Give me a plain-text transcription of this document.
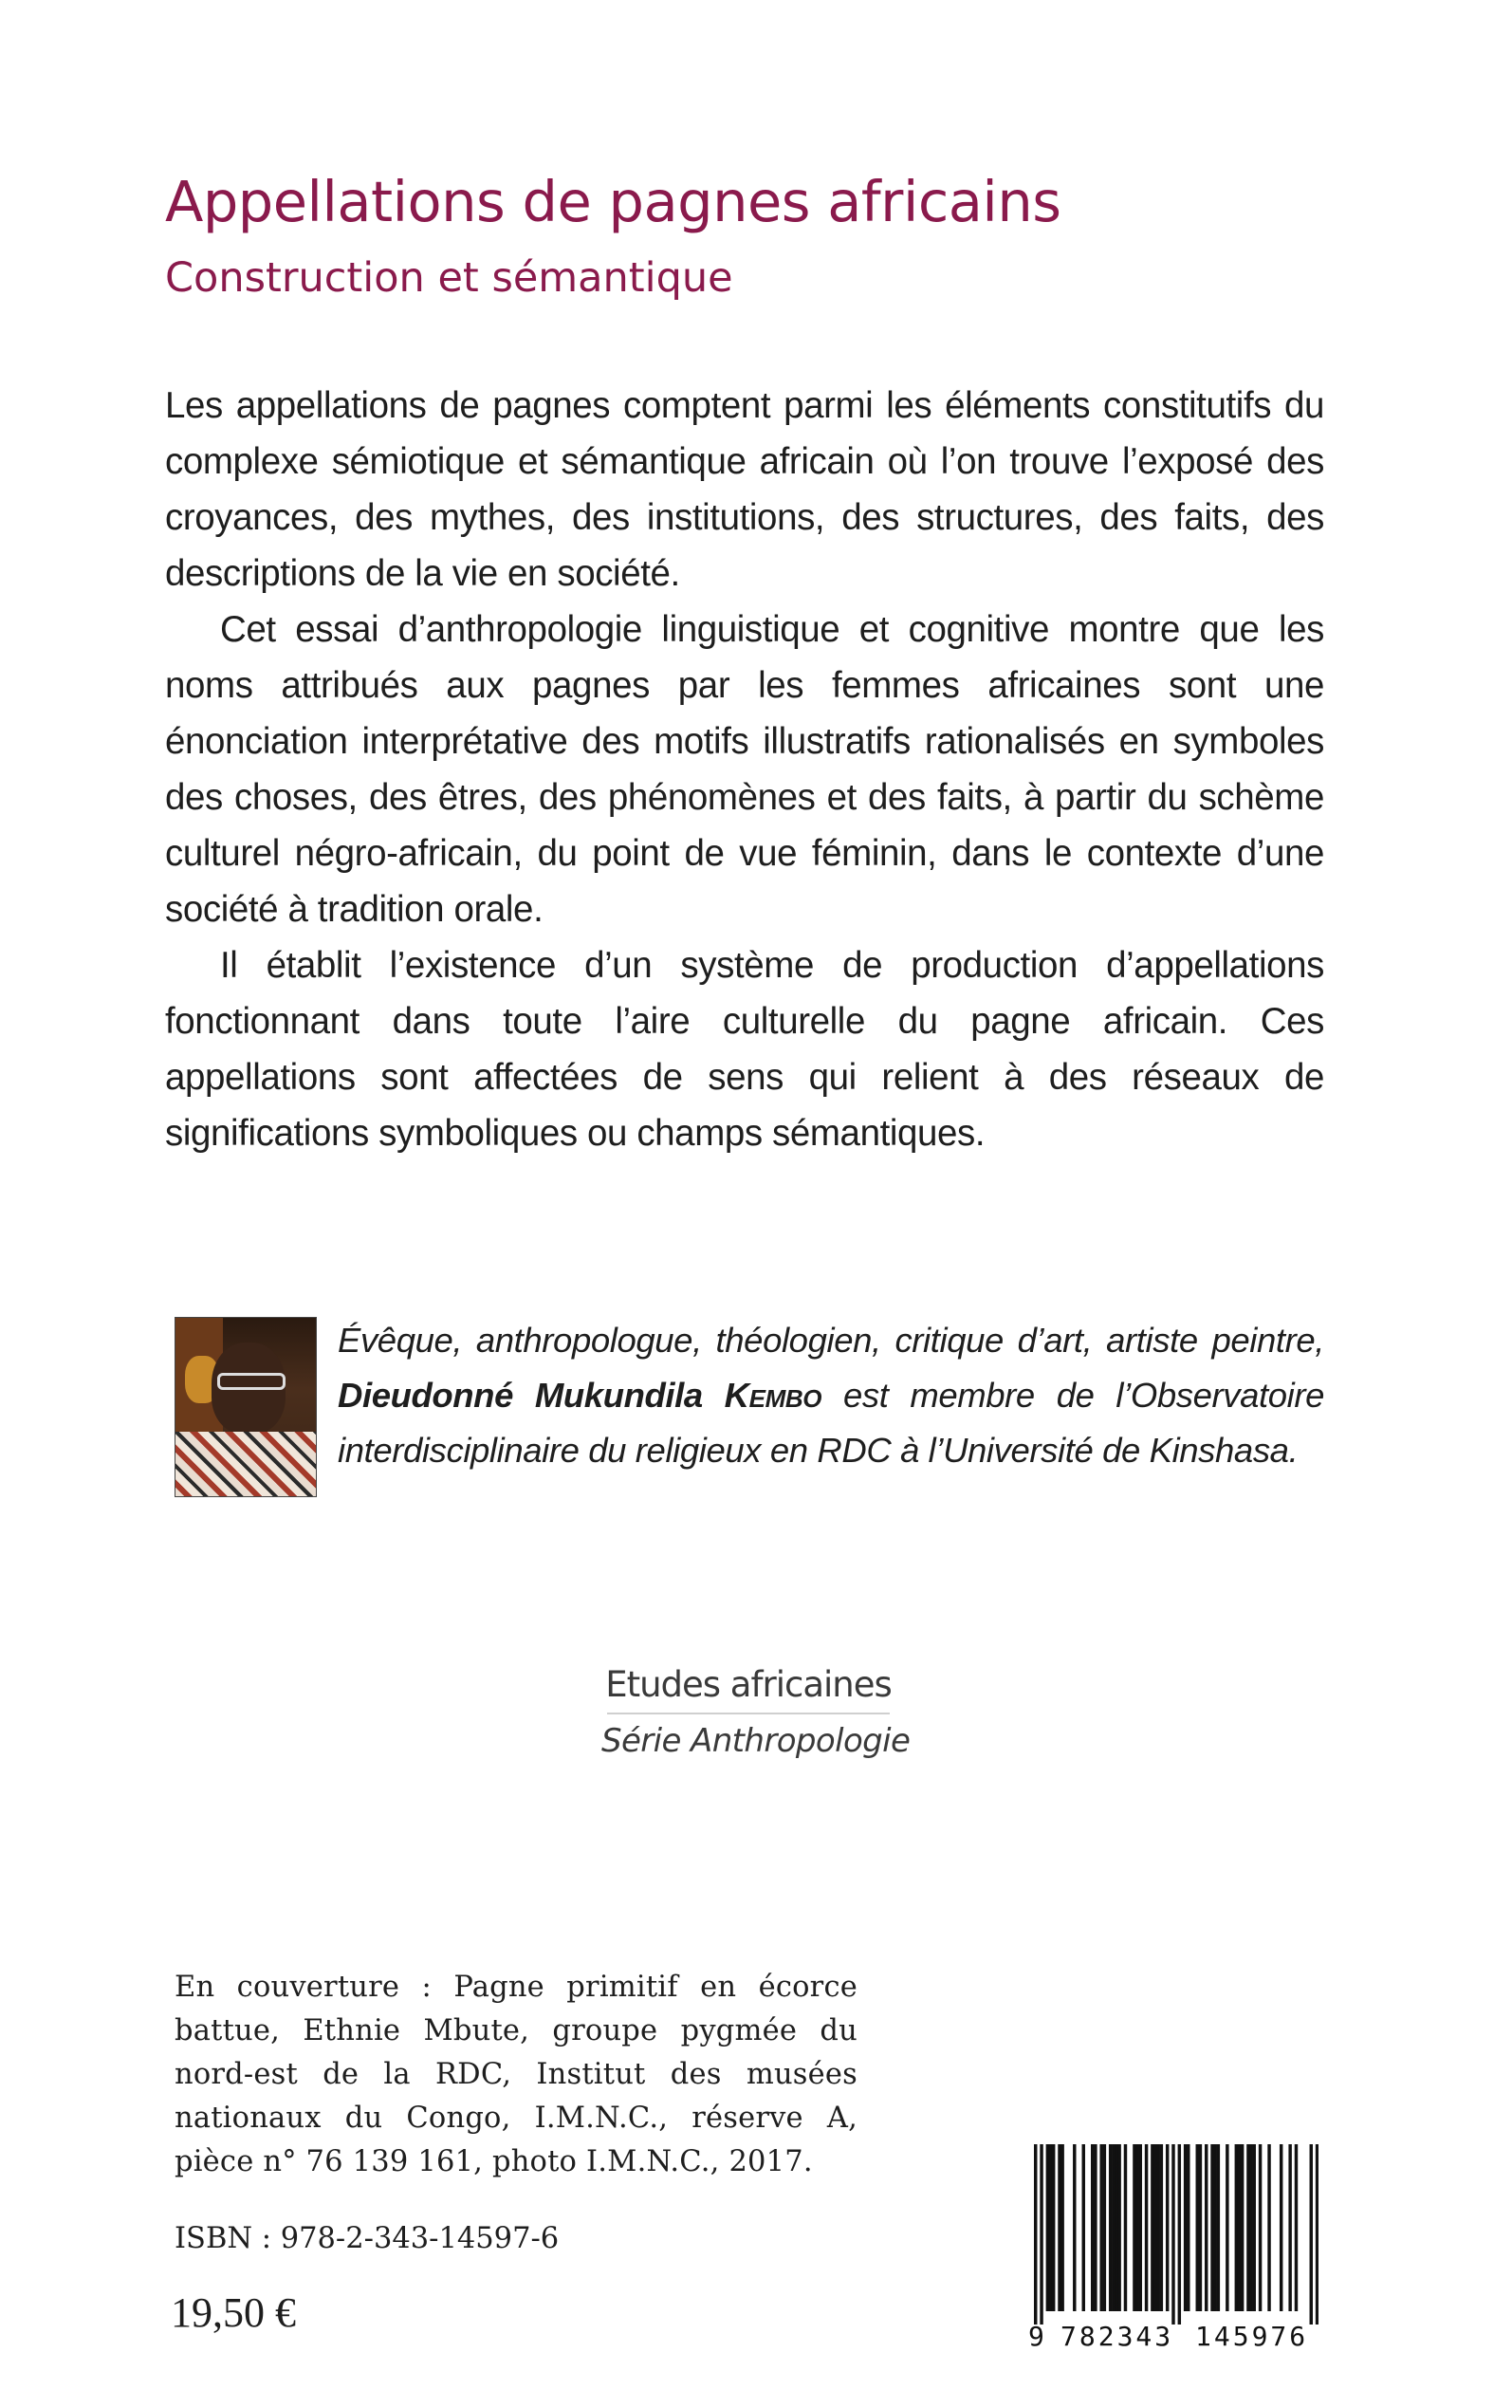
Appellations de pagnes africains
Construction et sémantique

Les appellations de pagnes comptent parmi les éléments constitutifs du complexe sémiotique et sémantique africain où l’on trouve l’exposé des croyances, des mythes, des institutions, des structures, des faits, des descriptions de la vie en société.

Cet essai d’anthropologie linguistique et cognitive montre que les noms attribués aux pagnes par les femmes africaines sont une énonciation interprétative des motifs illustratifs rationalisés en symboles des choses, des êtres, des phénomènes et des faits, à partir du schème culturel négro-africain, du point de vue féminin, dans le contexte d’une société à tradition orale.

Il établit l’existence d’un système de production d’appellations fonctionnant dans toute l’aire culturelle du pagne africain. Ces appellations sont affectées de sens qui relient à des réseaux de significations symboliques ou champs sémantiques.

Évêque, anthropologue, théologien, critique d’art, artiste peintre, Dieudonné Mukundila Kembo est membre de l’Observatoire interdisciplinaire du religieux en RDC à l’Université de Kinshasa.

Etudes africaines
Série Anthropologie

En couverture : Pagne primitif en écorce battue, Ethnie Mbute, groupe pygmée du nord-est de la RDC, Institut des musées nationaux du Congo, I.M.N.C., réserve A, pièce n° 76 139 161, photo I.M.N.C., 2017.

ISBN : 978-2-343-14597-6
19,50 €
9 782343 145976
